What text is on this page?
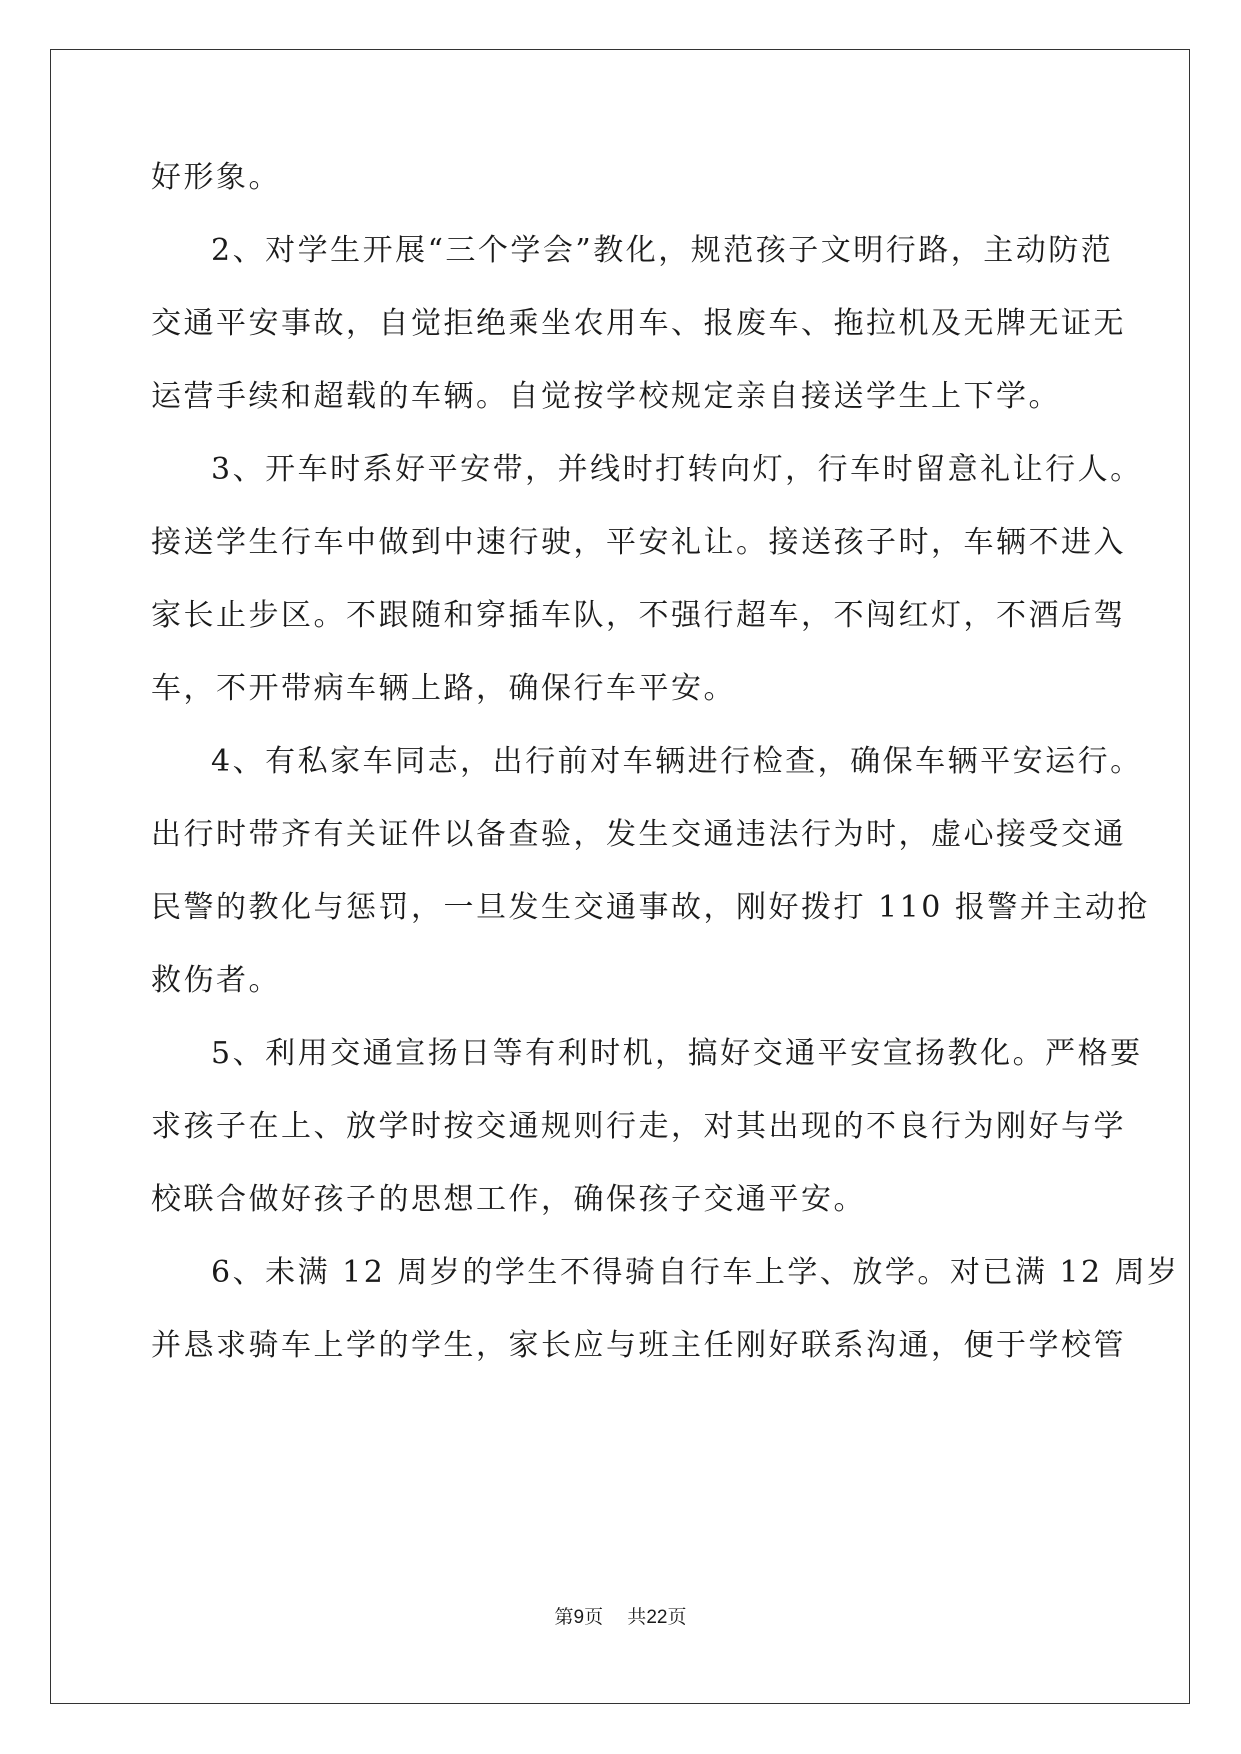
好形象。
2、对学生开展“三个学会”教化，规范孩子文明行路，主动防范
交通平安事故，自觉拒绝乘坐农用车、报废车、拖拉机及无牌无证无
运营手续和超载的车辆。自觉按学校规定亲自接送学生上下学。
3、开车时系好平安带，并线时打转向灯，行车时留意礼让行人。
接送学生行车中做到中速行驶，平安礼让。接送孩子时，车辆不进入
家长止步区。不跟随和穿插车队，不强行超车，不闯红灯，不酒后驾
车，不开带病车辆上路，确保行车平安。
4、有私家车同志，出行前对车辆进行检查，确保车辆平安运行。
出行时带齐有关证件以备查验，发生交通违法行为时，虚心接受交通
民警的教化与惩罚，一旦发生交通事故，刚好拨打 110 报警并主动抢
救伤者。
5、利用交通宣扬日等有利时机，搞好交通平安宣扬教化。严格要
求孩子在上、放学时按交通规则行走，对其出现的不良行为刚好与学
校联合做好孩子的思想工作，确保孩子交通平安。
6、未满 12 周岁的学生不得骑自行车上学、放学。对已满 12 周岁
并恳求骑车上学的学生，家长应与班主任刚好联系沟通，便于学校管
第9页 共22页
